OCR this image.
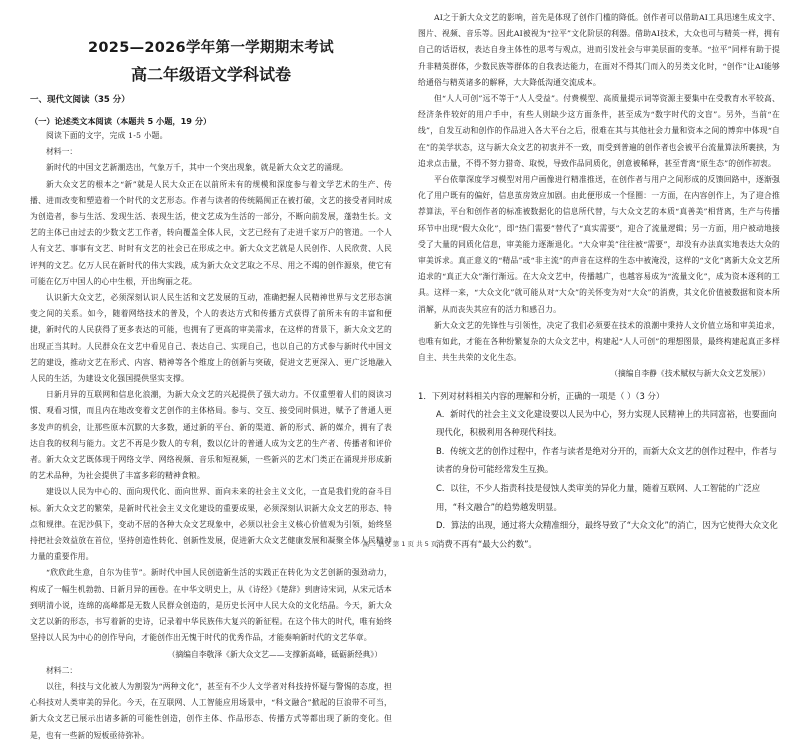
2025—2026学年第一学期期末考试
高二年级语文学科试卷
一、现代文阅读（35 分）
（一）论述类文本阅读（本题共 5 小题，19 分）
阅读下面的文字，完成 1-5 小题。
材料一：
新时代的中国文艺新潮迭出，气象万千，其中一个突出现象，就是新大众文艺的涌现。
新大众文艺的根本之“新”就是人民大众正在以前所未有的规模和深度参与着文学艺术的生产、传播、进而改变和塑造着一个时代的文艺形态。作者与读者的传统隔阂正在被打破，文艺的接受者同时成为创造者，参与生活、发现生活、表现生活，使文艺成为生活的一部分，不断向前发展，蓬勃生长。文艺的主体已由过去的少数文艺工作者，转向覆盖全体人民，文艺已经有了走进千家万户的管道。一个人人有文艺、事事有文艺、时时有文艺的社会已在形成之中。新大众文艺就是人民创作、人民欣赏、人民评判的文艺。亿万人民在新时代的伟大实践，成为新大众文艺取之不尽、用之不竭的创作源泉，使它有可能在亿万中国人的心中生根，开出绚丽之花。
认识新大众文艺，必须深刻认识人民生活和文艺发展的互动，准确把握人民精神世界与文艺形态演变之间的关系。如今，随着网络技术的普及，个人的表达方式和传播方式获得了前所未有的丰富和便捷，新时代的人民获得了更多表达的可能，也拥有了更高的审美需求，在这样的背景下，新大众文艺的出现正当其时。人民群众在文艺中看见自己、表达自己、实现自己，也以自己的方式参与新时代中国文艺的建设，推动文艺在形式、内容、精神等各个维度上的创新与突破，促进文艺更深入、更广泛地融入人民的生活，为建设文化强国提供坚实支撑。
日新月异的互联网和信息化浪潮，为新大众文艺的兴起提供了强大动力。不仅重塑着人们的阅读习惯、观看习惯，而且内在地改变着文艺创作的主体格局。参与、交互、接受同时俱进，赋予了普通人更多发声的机会，让那些原本沉默的大多数，通过新的平台、新的渠道、新的形式、新的媒介，拥有了表达自我的权利与能力。文艺不再是少数人的专利，数以亿计的普通人成为文艺的生产者、传播者和评价者。新大众文艺既体现于网络文学、网络视频、音乐和短视频，一些新兴的艺术门类正在涌现并形成新的艺术品种，为社会提供了丰富多彩的精神食粮。
建设以人民为中心的、面向现代化、面向世界、面向未来的社会主义文化，一直是我们党的奋斗目标。新大众文艺的繁荣，是新时代社会主义文化建设的重要成果，必须深刻认识新大众文艺的形态、特点和规律。在泥沙俱下，变动不居的各种大众文艺现象中，必须以社会主义核心价值观为引领，始终坚持把社会效益放在首位，坚持创造性转化、创新性发展，促进新大众文艺健康发展和凝聚全体人民精神力量的重要作用。
“欣欣此生意，自尔为佳节”。新时代中国人民创造新生活的实践正在转化为文艺创新的强劲动力，构成了一幅生机勃勃、日新月异的画卷。在中华文明史上，从《诗经》《楚辞》到唐诗宋词，从宋元话本到明清小说，连绵的高峰都是无数人民群众创造的，是历史长河中人民大众的文化结晶。今天，新大众文艺以新的形态，书写着新的史诗，记录着中华民族伟大复兴的新征程。在这个伟大的时代，唯有始终坚持以人民为中心的创作导向，才能创作出无愧于时代的优秀作品，才能奏响新时代的文艺华章。
（摘编自李敬泽《新大众文艺——支撑新高峰，砥砺新经典》）
材料二：
以往，科技与文化被人为割裂为“两种文化”，甚至有不少人文学者对科技持怀疑与警惕的态度，担心科技对人类审美的异化。今天，在互联网、人工智能应用场景中，“科文融合”掀起的巨浪带不可当，新大众文艺已展示出诸多新的可能性创造，创作主体、作品形态、传播方式等都出现了新的变化。但是，也有一些新的短板亟待弥补。
AI之于新大众文艺的影响，首先是体现了创作门槛的降低。创作者可以借助AI工具迅速生成文字、图片、视频、音乐等。因此AI被视为“拉平”文化阶层的利器。借助AI技术，大众也可与精英一样，拥有自己的话语权，表达自身主体性的思考与观点，进而引发社会与审美层面的变革。“拉平”同样有助于提升非精英群体，少数民族等群体的自我表达能力，在面对不得其门而入的另类文化时，“创作”让AI能够给通俗与精英诸多的解释，大大降低沟通交流成本。
但“人人可创”远不等于“人人受益”。付费模型、高质量提示词等资源主要集中在受教育水平较高、经济条件较好的用户手中，有些人则缺少这方面条件，甚至成为“数字时代的文盲”。另外，当前“在线”，自发互动和创作的作品进入各大平台之后，很难在其与其他社会力量和资本之间的博弈中体现“自在”的美学状态，这与新大众文艺的初衷并不一致，而受到普遍的创作者也会被平台流量算法所裹挟，为追求点击量，不得不努力猎奇、取悦，导致作品同质化，创意被稀释，甚至背离“原生态”的创作初衷。
平台依靠深度学习模型对用户画像进行精准推送，在创作者与用户之间形成的反馈回路中，逐渐强化了用户既有的偏好，信息茧房效应加剧。由此便形成一个怪圈：一方面，在内容创作上，为了迎合推荐算法，平台和创作者的标准被数据化的信息所代替，与大众文艺的本质“真善美”相背离，生产与传播环节中出现“假大众化”，即“热门需要”替代了“真实需要”，迎合了流量逻辑；另一方面，用户被动地接受了大量的同质化信息，审美能力逐渐退化。“大众审美”往往被“需要”，却没有办法真实地表达大众的审美诉求。真正意义的“精品”或“非主流”的声音在这样的生态中被淹没，这样的“文化”离新大众文艺所追求的“真正大众”渐行渐远。在大众文艺中，传播越广，也越容易成为“流量文化”，成为资本逐利的工具。这样一来，“大众文化”就可能从对“大众”的关怀变为对“大众”的消费，其文化价值被数据和资本所消解，从而丧失其应有的活力和感召力。
新大众文艺的先锋性与引领性，决定了我们必须要在技术的浪潮中秉持人文价值立场和审美追求，也唯有如此，才能在各种纷繁复杂的大众文艺中，构建起“人人可创”的理想图景，最终构建起真正多样自主、共生共荣的文化生态。
（摘编自李静《技术赋权与新大众文艺发展》）
1．下列对材料相关内容的理解和分析，正确的一项是（ ）（3 分）
A．新时代的社会主义文化建设要以人民为中心，努力实现人民精神上的共同富裕，也要面向现代化，积极利用各种现代科技。
B．传统文艺的创作过程中，作者与读者是绝对分开的，而新大众文艺的创作过程中，作者与读者的身份可能经常发生互换。
C．以往，不少人指责科技是侵蚀人类审美的异化力量，随着互联网、人工智能的广泛应用，“科文融合”的趋势越发明显。
D．算法的出现，通过将大众精准细分，最终导致了“大众文化”的消亡，因为它使得大众文化消费不再有“最大公约数”。
高二 语文 第 1 页 共 5 页
